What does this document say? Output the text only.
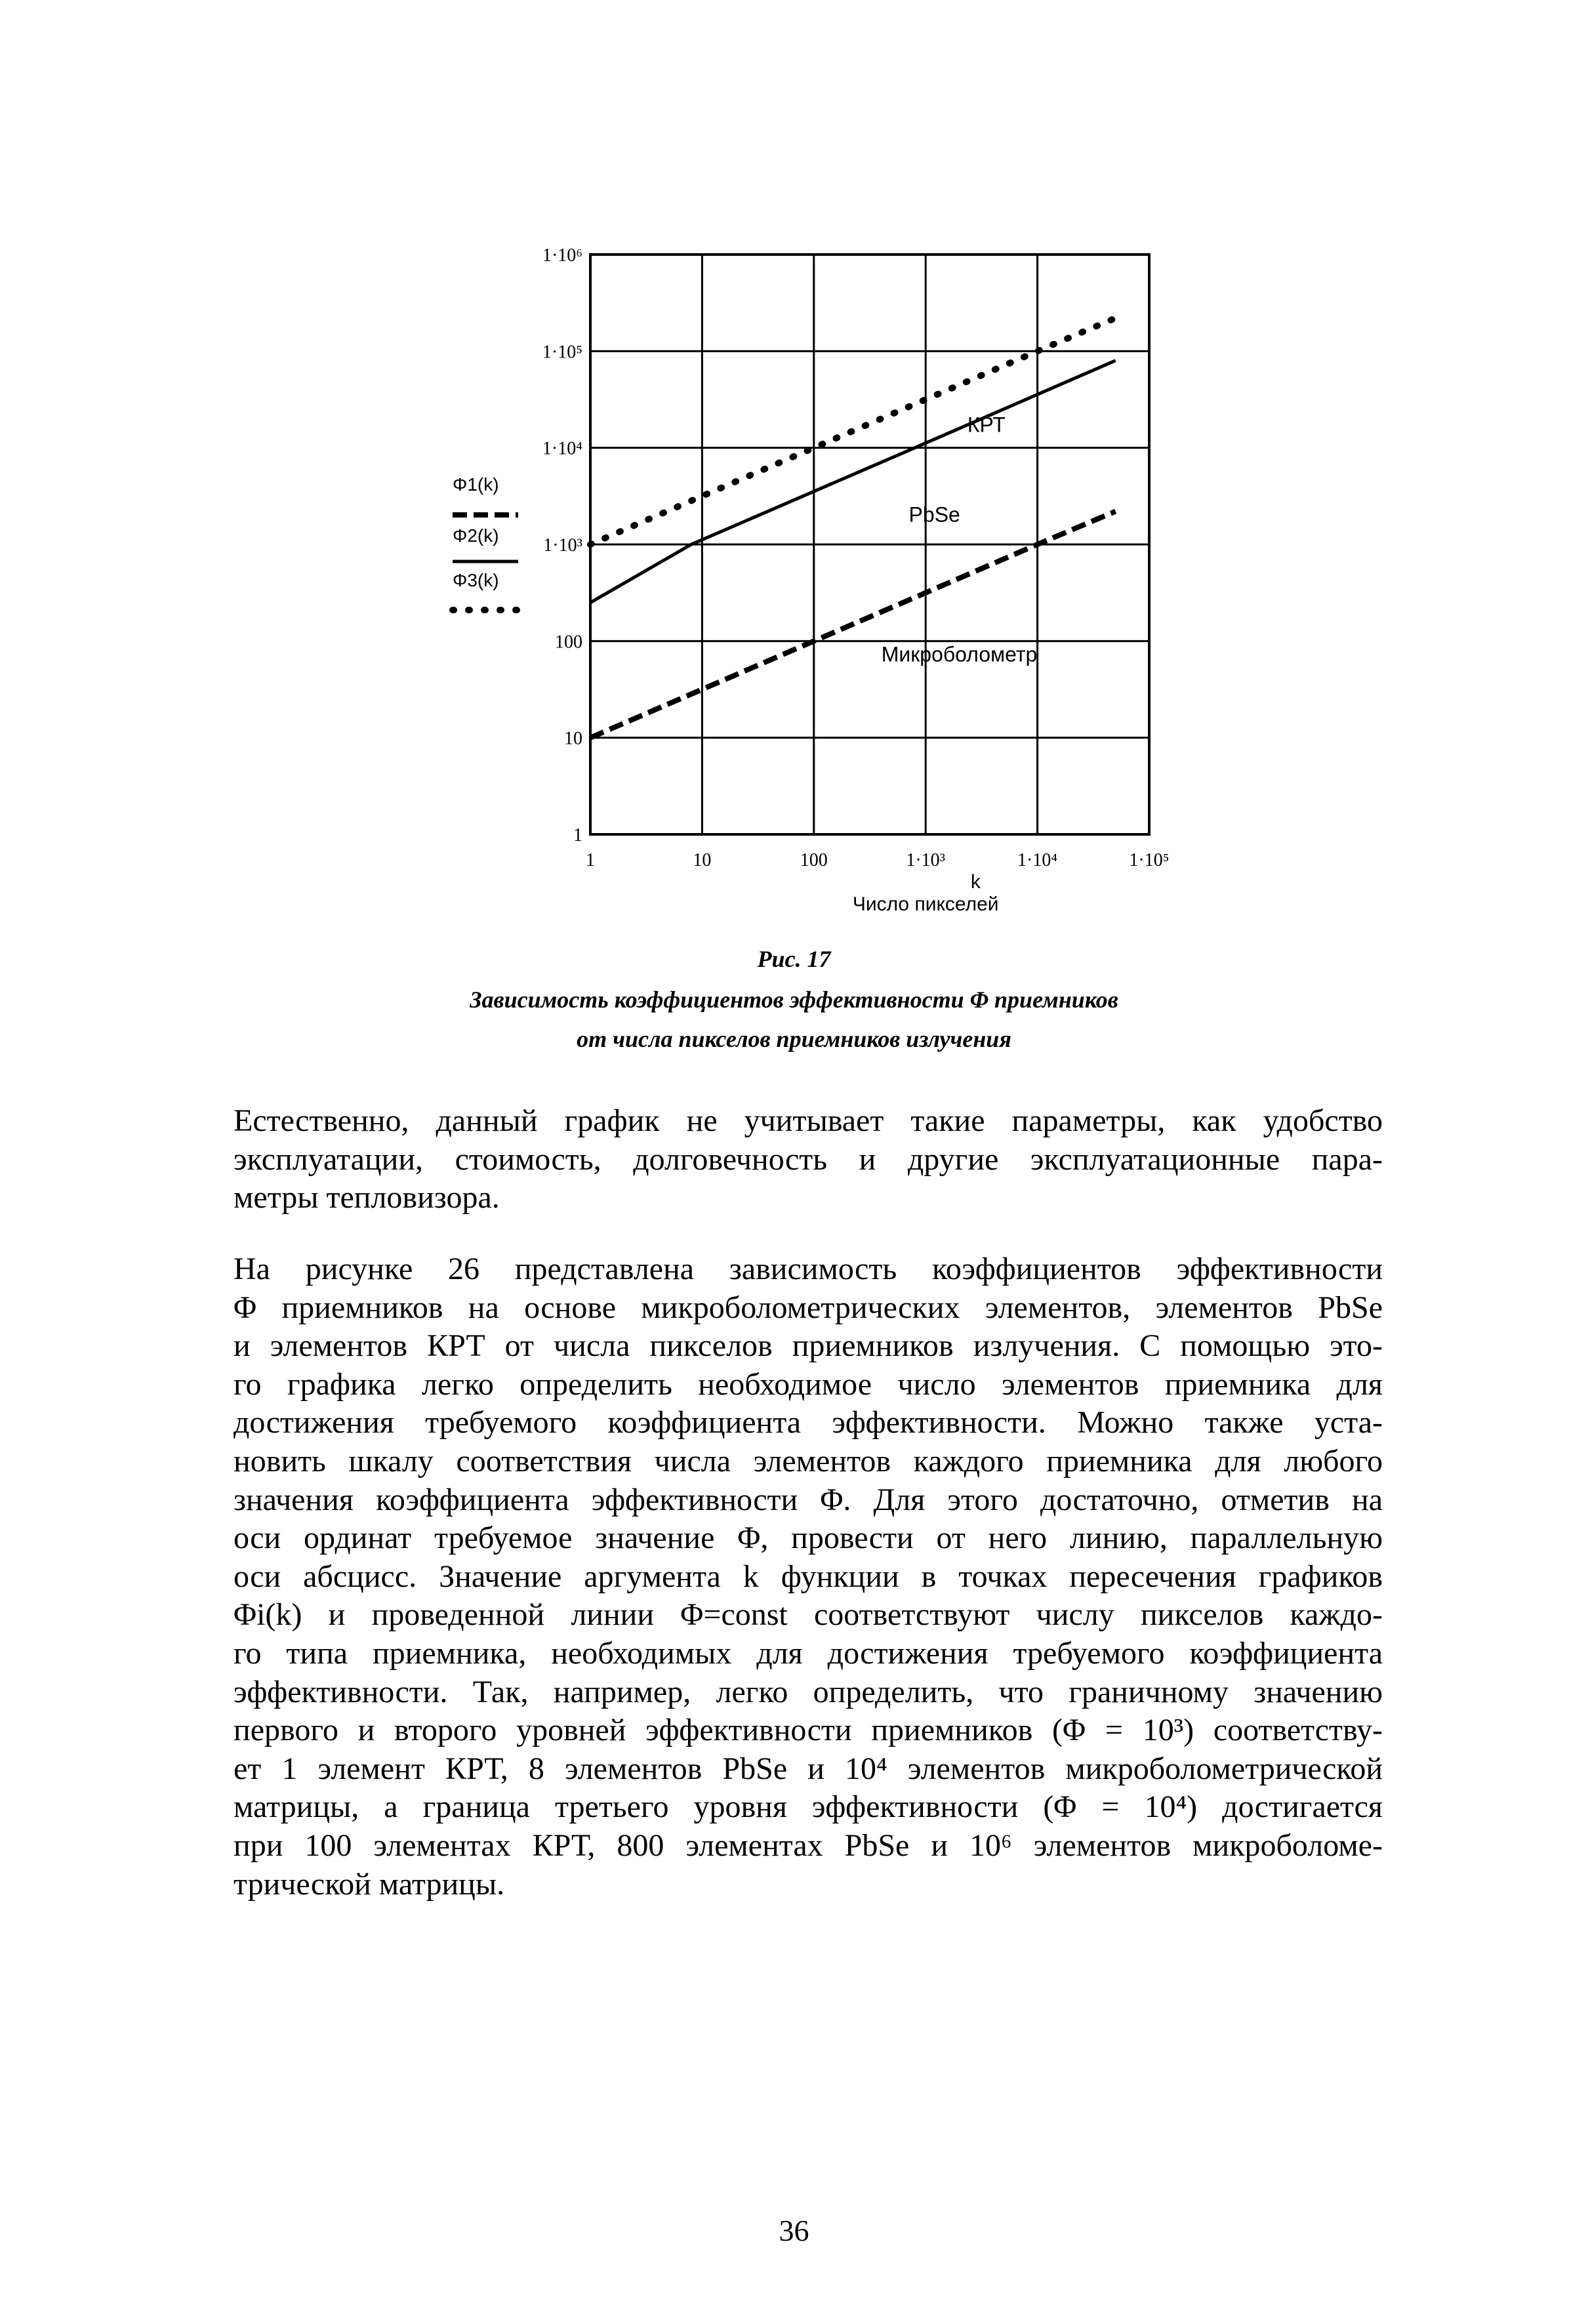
1	10	100	1·10³	1·10⁴	1·10⁵
1
10
100
1·10³
1·10⁴
1·10⁵
1·10⁶
k
Число пикселей
КРТ
PbSe
Микроболометр
Φ1(k)
Φ2(k)
Φ3(k)
Рис. 17
Зависимость коэффициентов эффективности Φ приемников
от числа пикселов приемников излучения
Естественно, данный график не учитывает такие параметры, как удобство
эксплуатации, стоимость, долговечность и другие эксплуатационные пара-
метры тепловизора.
На рисунке 26 представлена зависимость коэффициентов эффективности
Φ приемников на основе микроболометрических элементов, элементов PbSe
и элементов КРТ от числа пикселов приемников излучения. С помощью это-
го графика легко определить необходимое число элементов приемника для
достижения требуемого коэффициента эффективности. Можно также уста-
новить шкалу соответствия числа элементов каждого приемника для любого
значения коэффициента эффективности Φ. Для этого достаточно, отметив на
оси ординат требуемое значение Φ, провести от него линию, параллельную
оси абсцисс. Значение аргумента k функции в точках пересечения графиков
Φi(k) и проведенной линии Φ=const соответствуют числу пикселов каждо-
го типа приемника, необходимых для достижения требуемого коэффициента
эффективности. Так, например, легко определить, что граничному значению
первого и второго уровней эффективности приемников (Φ = 10³) соответству-
ет 1 элемент КРТ, 8 элементов PbSe и 10⁴ элементов микроболометрической
матрицы, а граница третьего уровня эффективности (Φ = 10⁴) достигается
при 100 элементах КРТ, 800 элементах PbSe и 10⁶ элементов микроболоме-
трической матрицы.
36
